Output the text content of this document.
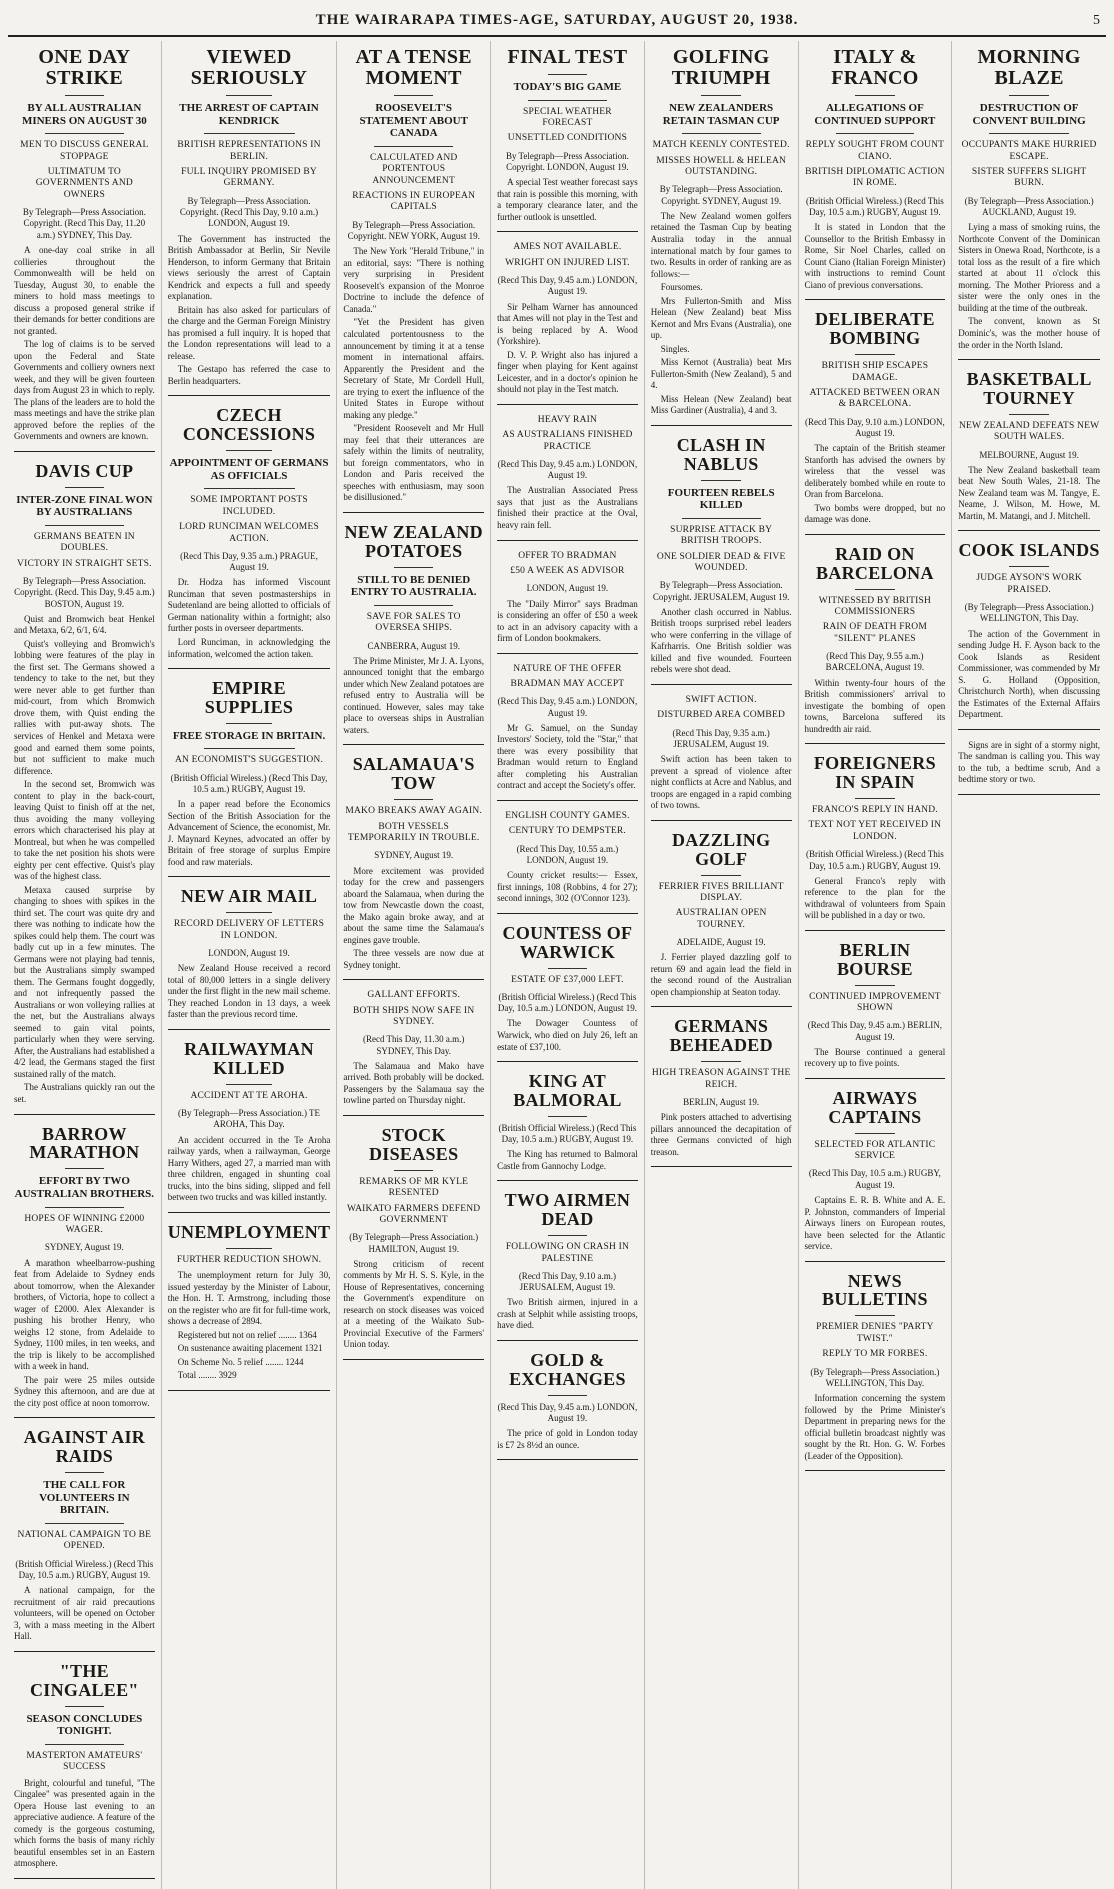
THE WAIRARAPA TIMES-AGE, SATURDAY, AUGUST 20, 1938.	5
ONE DAY STRIKE
BY ALL AUSTRALIAN MINERS ON AUGUST 30
MEN TO DISCUSS GENERAL STOPPAGE
ULTIMATUM TO GOVERNMENTS AND OWNERS
By Telegraph—Press Association. Copyright. (Recd This Day, 11.20 a.m.) SYDNEY, This Day.

A one-day coal strike in all collieries throughout the Commonwealth will be held on Tuesday, August 30, to enable the miners to hold mass meetings to discuss a proposed general strike if their demands for better conditions are not granted.

The log of claims is to be served upon the Federal and State Governments and colliery owners next week, and they will be given fourteen days from August 23 in which to reply. The plans of the leaders are to hold the mass meetings and have the strike plan approved before the replies of the Governments and owners are known.

DAVIS CUP
INTER-ZONE FINAL WON BY AUSTRALIANS
GERMANS BEATEN IN DOUBLES.
VICTORY IN STRAIGHT SETS.
By Telegraph—Press Association. Copyright. (Recd. This Day, 9.45 a.m.) BOSTON, August 19.

Quist and Bromwich beat Henkel and Metaxa, 6/2, 6/1, 6/4.

Quist's volleying and Bromwich's lobbing were features of the play in the first set. The Germans showed a tendency to take to the net, but they were never able to get further than mid-court, from which Bromwich drove them, with Quist ending the rallies with put-away shots. The services of Henkel and Metaxa were good and earned them some points, but not sufficient to make much difference.

In the second set, Bromwich was content to play in the back-court, leaving Quist to finish off at the net, thus avoiding the many volleying errors which characterised his play at Montreal, but when he was compelled to take the net position his shots were eighty per cent effective. Quist's play was of the highest class.

Metaxa caused surprise by changing to shoes with spikes in the third set. The court was quite dry and there was nothing to indicate how the spikes could help them. The court was badly cut up in a few minutes. The Germans were not playing bad tennis, but the Australians simply swamped them. The Germans fought doggedly, and not infrequently passed the Australians or won volleying rallies at the net, but the Australians always seemed to gain vital points, particularly when they were serving. After, the Australians had established a 4/2 lead, the Germans staged the first sustained rally of the match.

The Australians quickly ran out the set.

BARROW MARATHON
EFFORT BY TWO AUSTRALIAN BROTHERS.
HOPES OF WINNING £2000 WAGER.
SYDNEY, August 19.

A marathon wheelbarrow-pushing feat from Adelaide to Sydney ends about tomorrow, when the Alexander brothers, of Victoria, hope to collect a wager of £2000. Alex Alexander is pushing his brother Henry, who weighs 12 stone, from Adelaide to Sydney, 1100 miles, in ten weeks, and the trip is likely to be accomplished with a week in hand.

The pair were 25 miles outside Sydney this afternoon, and are due at the city post office at noon tomorrow.

AGAINST AIR RAIDS
THE CALL FOR VOLUNTEERS IN BRITAIN.
NATIONAL CAMPAIGN TO BE OPENED.
(British Official Wireless.) (Recd This Day, 10.5 a.m.) RUGBY, August 19.

A national campaign, for the recruitment of air raid precautions volunteers, will be opened on October 3, with a mass meeting in the Albert Hall.

"THE CINGALEE"
SEASON CONCLUDES TONIGHT.
MASTERTON AMATEURS' SUCCESS

Bright, colourful and tuneful, "The Cingalee" was presented again in the Opera House last evening to an appreciative audience. A feature of the comedy is the gorgeous costuming, which forms the basis of many richly beautiful ensembles set in an Eastern atmosphere.

VIEWED SERIOUSLY
THE ARREST OF CAPTAIN KENDRICK
BRITISH REPRESENTATIONS IN BERLIN.
FULL INQUIRY PROMISED BY GERMANY.
By Telegraph—Press Association. Copyright. (Recd This Day, 9.10 a.m.) LONDON, August 19.

The Government has instructed the British Ambassador at Berlin, Sir Nevile Henderson, to inform Germany that Britain views seriously the arrest of Captain Kendrick and expects a full and speedy explanation.

Britain has also asked for particulars of the charge and the German Foreign Ministry has promised a full inquiry. It is hoped that the London representations will lead to a release.

The Gestapo has referred the case to Berlin headquarters.

CZECH CONCESSIONS
APPOINTMENT OF GERMANS AS OFFICIALS
SOME IMPORTANT POSTS INCLUDED.
LORD RUNCIMAN WELCOMES ACTION.
(Recd This Day, 9.35 a.m.) PRAGUE, August 19.

Dr. Hodza has informed Viscount Runciman that seven postmasterships in Sudetenland are being allotted to officials of German nationality within a fortnight; also further posts in overseer departments.

Lord Runciman, in acknowledging the information, welcomed the action taken.

EMPIRE SUPPLIES
FREE STORAGE IN BRITAIN.
AN ECONOMIST'S SUGGESTION.
(British Official Wireless.) (Recd This Day, 10.5 a.m.) RUGBY, August 19.

In a paper read before the Economics Section of the British Association for the Advancement of Science, the economist, Mr. J. Maynard Keynes, advocated an offer by Britain of free storage of surplus Empire food and raw materials.

NEW AIR MAIL
RECORD DELIVERY OF LETTERS IN LONDON.
LONDON, August 19.

New Zealand House received a record total of 80,000 letters in a single delivery under the first flight in the new mail scheme. They reached London in 13 days, a week faster than the previous record time.

RAILWAYMAN KILLED
ACCIDENT AT TE AROHA.
(By Telegraph—Press Association.) TE AROHA, This Day.

An accident occurred in the Te Aroha railway yards, when a railwayman, George Harry Withers, aged 27, a married man with three children, engaged in shunting coal trucks, into the bins siding, slipped and fell between two trucks and was killed instantly.

UNEMPLOYMENT
FURTHER REDUCTION SHOWN.

The unemployment return for July 30, issued yesterday by the Minister of Labour, the Hon. H. T. Armstrong, including those on the register who are fit for full-time work, shows a decrease of 2894.

Registered but not on relief ........ 1364

On sustenance awaiting placement 1321

On Scheme No. 5 relief ........ 1244

Total ........ 3929

AT A TENSE MOMENT
ROOSEVELT'S STATEMENT ABOUT CANADA
CALCULATED AND PORTENTOUS ANNOUNCEMENT
REACTIONS IN EUROPEAN CAPITALS
By Telegraph—Press Association. Copyright. NEW YORK, August 19.

The New York "Herald Tribune," in an editorial, says: "There is nothing very surprising in President Roosevelt's expansion of the Monroe Doctrine to include the defence of Canada."

"Yet the President has given calculated portentousness to the announcement by timing it at a tense moment in international affairs. Apparently the President and the Secretary of State, Mr Cordell Hull, are trying to exert the influence of the United States in Europe without making any pledge."

"President Roosevelt and Mr Hull may feel that their utterances are safely within the limits of neutrality, but foreign commentators, who in London and Paris received the speeches with enthusiasm, may soon be disillusioned."

NEW ZEALAND POTATOES
STILL TO BE DENIED ENTRY TO AUSTRALIA.
SAVE FOR SALES TO OVERSEA SHIPS.
CANBERRA, August 19.

The Prime Minister, Mr J. A. Lyons, announced tonight that the embargo under which New Zealand potatoes are refused entry to Australia will be continued. However, sales may take place to overseas ships in Australian waters.

SALAMAUA'S TOW
MAKO BREAKS AWAY AGAIN.
BOTH VESSELS TEMPORARILY IN TROUBLE.
SYDNEY, August 19.

More excitement was provided today for the crew and passengers aboard the Salamaua, when during the tow from Newcastle down the coast, the Mako again broke away, and at about the same time the Salamaua's engines gave trouble.

The three vessels are now due at Sydney tonight.

GALLANT EFFORTS.
BOTH SHIPS NOW SAFE IN SYDNEY.
(Recd This Day, 11.30 a.m.) SYDNEY, This Day.

The Salamaua and Mako have arrived. Both probably will be docked. Passengers by the Salamaua say the towline parted on Thursday night.

STOCK DISEASES
REMARKS OF MR KYLE RESENTED
WAIKATO FARMERS DEFEND GOVERNMENT
(By Telegraph—Press Association.) HAMILTON, August 19.

Strong criticism of recent comments by Mr H. S. S. Kyle, in the House of Representatives, concerning the Government's expenditure on research on stock diseases was voiced at a meeting of the Waikato Sub-Provincial Executive of the Farmers' Union today.

FINAL TEST
TODAY'S BIG GAME
SPECIAL WEATHER FORECAST
UNSETTLED CONDITIONS
By Telegraph—Press Association. Copyright. LONDON, August 19.

A special Test weather forecast says that rain is possible this morning, with a temporary clearance later, and the further outlook is unsettled.

AMES NOT AVAILABLE.
WRIGHT ON INJURED LIST.
(Recd This Day, 9.45 a.m.) LONDON, August 19.

Sir Pelham Warner has announced that Ames will not play in the Test and is being replaced by A. Wood (Yorkshire).

D. V. P. Wright also has injured a finger when playing for Kent against Leicester, and in a doctor's opinion he should not play in the Test match.

HEAVY RAIN
AS AUSTRALIANS FINISHED PRACTICE
(Recd This Day, 9.45 a.m.) LONDON, August 19.

The Australian Associated Press says that just as the Australians finished their practice at the Oval, heavy rain fell.

OFFER TO BRADMAN
£50 A WEEK AS ADVISOR
LONDON, August 19.

The "Daily Mirror" says Bradman is considering an offer of £50 a week to act in an advisory capacity with a firm of London bookmakers.

NATURE OF THE OFFER
BRADMAN MAY ACCEPT
(Recd This Day, 9.45 a.m.) LONDON, August 19.

Mr G. Samuel, on the Sunday Investors' Society, told the "Star," that there was every possibility that Bradman would return to England after completing his Australian contract and accept the Society's offer.

ENGLISH COUNTY GAMES.
CENTURY TO DEMPSTER.
(Recd This Day, 10.55 a.m.) LONDON, August 19.

County cricket results:— Essex, first innings, 108 (Robbins, 4 for 27); second innings, 302 (O'Connor 123).

COUNTESS OF WARWICK
ESTATE OF £37,000 LEFT.
(British Official Wireless.) (Recd This Day, 10.5 a.m.) LONDON, August 19.

The Dowager Countess of Warwick, who died on July 26, left an estate of £37,100.

KING AT BALMORAL
(British Official Wireless.) (Recd This Day, 10.5 a.m.) RUGBY, August 19.

The King has returned to Balmoral Castle from Gannochy Lodge.

TWO AIRMEN DEAD
FOLLOWING ON CRASH IN PALESTINE
(Recd This Day, 9.10 a.m.) JERUSALEM, August 19.

Two British airmen, injured in a crash at Selphit while assisting troops, have died.

GOLD & EXCHANGES
(Recd This Day, 9.45 a.m.) LONDON, August 19.

The price of gold in London today is £7 2s 8½d an ounce.

GOLFING TRIUMPH
NEW ZEALANDERS RETAIN TASMAN CUP
MATCH KEENLY CONTESTED.
MISSES HOWELL & HELEAN OUTSTANDING.
By Telegraph—Press Association. Copyright. SYDNEY, August 19.

The New Zealand women golfers retained the Tasman Cup by beating Australia today in the annual international match by four games to two. Results in order of ranking are as follows:—

Foursomes.

Mrs Fullerton-Smith and Miss Helean (New Zealand) beat Miss Kernot and Mrs Evans (Australia), one up.

Singles.

Miss Kernot (Australia) beat Mrs Fullerton-Smith (New Zealand), 5 and 4.

Miss Helean (New Zealand) beat Miss Gardiner (Australia), 4 and 3.

CLASH IN NABLUS
FOURTEEN REBELS KILLED
SURPRISE ATTACK BY BRITISH TROOPS.
ONE SOLDIER DEAD & FIVE WOUNDED.
By Telegraph—Press Association. Copyright. JERUSALEM, August 19.

Another clash occurred in Nablus. British troops surprised rebel leaders who were conferring in the village of Kafrharris. One British soldier was killed and five wounded. Fourteen rebels were shot dead.

SWIFT ACTION.
DISTURBED AREA COMBED
(Recd This Day, 9.35 a.m.) JERUSALEM, August 19.

Swift action has been taken to prevent a spread of violence after night conflicts at Acre and Nablus, and troops are engaged in a rapid combing of two towns.

DAZZLING GOLF
FERRIER FIVES BRILLIANT DISPLAY.
AUSTRALIAN OPEN TOURNEY.
ADELAIDE, August 19.

J. Ferrier played dazzling golf to return 69 and again lead the field in the second round of the Australian open championship at Seaton today.

GERMANS BEHEADED
HIGH TREASON AGAINST THE REICH.
BERLIN, August 19.

Pink posters attached to advertising pillars announced the decapitation of three Germans convicted of high treason.

ITALY & FRANCO
ALLEGATIONS OF CONTINUED SUPPORT
REPLY SOUGHT FROM COUNT CIANO.
BRITISH DIPLOMATIC ACTION IN ROME.
(British Official Wireless.) (Recd This Day, 10.5 a.m.) RUGBY, August 19.

It is stated in London that the Counsellor to the British Embassy in Rome, Sir Noel Charles, called on Count Ciano (Italian Foreign Minister) with instructions to remind Count Ciano of previous conversations.

DELIBERATE BOMBING
BRITISH SHIP ESCAPES DAMAGE.
ATTACKED BETWEEN ORAN & BARCELONA.
(Recd This Day, 9.10 a.m.) LONDON, August 19.

The captain of the British steamer Stanforth has advised the owners by wireless that the vessel was deliberately bombed while en route to Oran from Barcelona.

Two bombs were dropped, but no damage was done.

RAID ON BARCELONA
WITNESSED BY BRITISH COMMISSIONERS
RAIN OF DEATH FROM "SILENT" PLANES
(Recd This Day, 9.55 a.m.) BARCELONA, August 19.

Within twenty-four hours of the British commissioners' arrival to investigate the bombing of open towns, Barcelona suffered its hundredth air raid.

FOREIGNERS IN SPAIN
FRANCO'S REPLY IN HAND.
TEXT NOT YET RECEIVED IN LONDON.
(British Official Wireless.) (Recd This Day, 10.5 a.m.) RUGBY, August 19.

General Franco's reply with reference to the plan for the withdrawal of volunteers from Spain will be published in a day or two.

BERLIN BOURSE
CONTINUED IMPROVEMENT SHOWN
(Recd This Day, 9.45 a.m.) BERLIN, August 19.

The Bourse continued a general recovery up to five points.

AIRWAYS CAPTAINS
SELECTED FOR ATLANTIC SERVICE
(Recd This Day, 10.5 a.m.) RUGBY, August 19.

Captains E. R. B. White and A. E. P. Johnston, commanders of Imperial Airways liners on European routes, have been selected for the Atlantic service.

NEWS BULLETINS
PREMIER DENIES "PARTY TWIST."
REPLY TO MR FORBES.
(By Telegraph—Press Association.) WELLINGTON, This Day.

Information concerning the system followed by the Prime Minister's Department in preparing news for the official bulletin broadcast nightly was sought by the Rt. Hon. G. W. Forbes (Leader of the Opposition).

MORNING BLAZE
DESTRUCTION OF CONVENT BUILDING
OCCUPANTS MAKE HURRIED ESCAPE.
SISTER SUFFERS SLIGHT BURN.
(By Telegraph—Press Association.) AUCKLAND, August 19.

Lying a mass of smoking ruins, the Northcote Convent of the Dominican Sisters in Onewa Road, Northcote, is a total loss as the result of a fire which started at about 11 o'clock this morning. The Mother Prioress and a sister were the only ones in the building at the time of the outbreak.

The convent, known as St Dominic's, was the mother house of the order in the North Island.

BASKETBALL TOURNEY
NEW ZEALAND DEFEATS NEW SOUTH WALES.
MELBOURNE, August 19.

The New Zealand basketball team beat New South Wales, 21-18. The New Zealand team was M. Tangye, E. Neame, J. Wilson, M. Howe, M. Martin, M. Matangi, and J. Mitchell.

COOK ISLANDS
JUDGE AYSON'S WORK PRAISED.
(By Telegraph—Press Association.) WELLINGTON, This Day.

The action of the Government in sending Judge H. F. Ayson back to the Cook Islands as Resident Commissioner, was commended by Mr S. G. Holland (Opposition, Christchurch North), when discussing the Estimates of the External Affairs Department.

Signs are in sight of a stormy night, The sandman is calling you. This way to the tub, a bedtime scrub, And a bedtime story or two.
